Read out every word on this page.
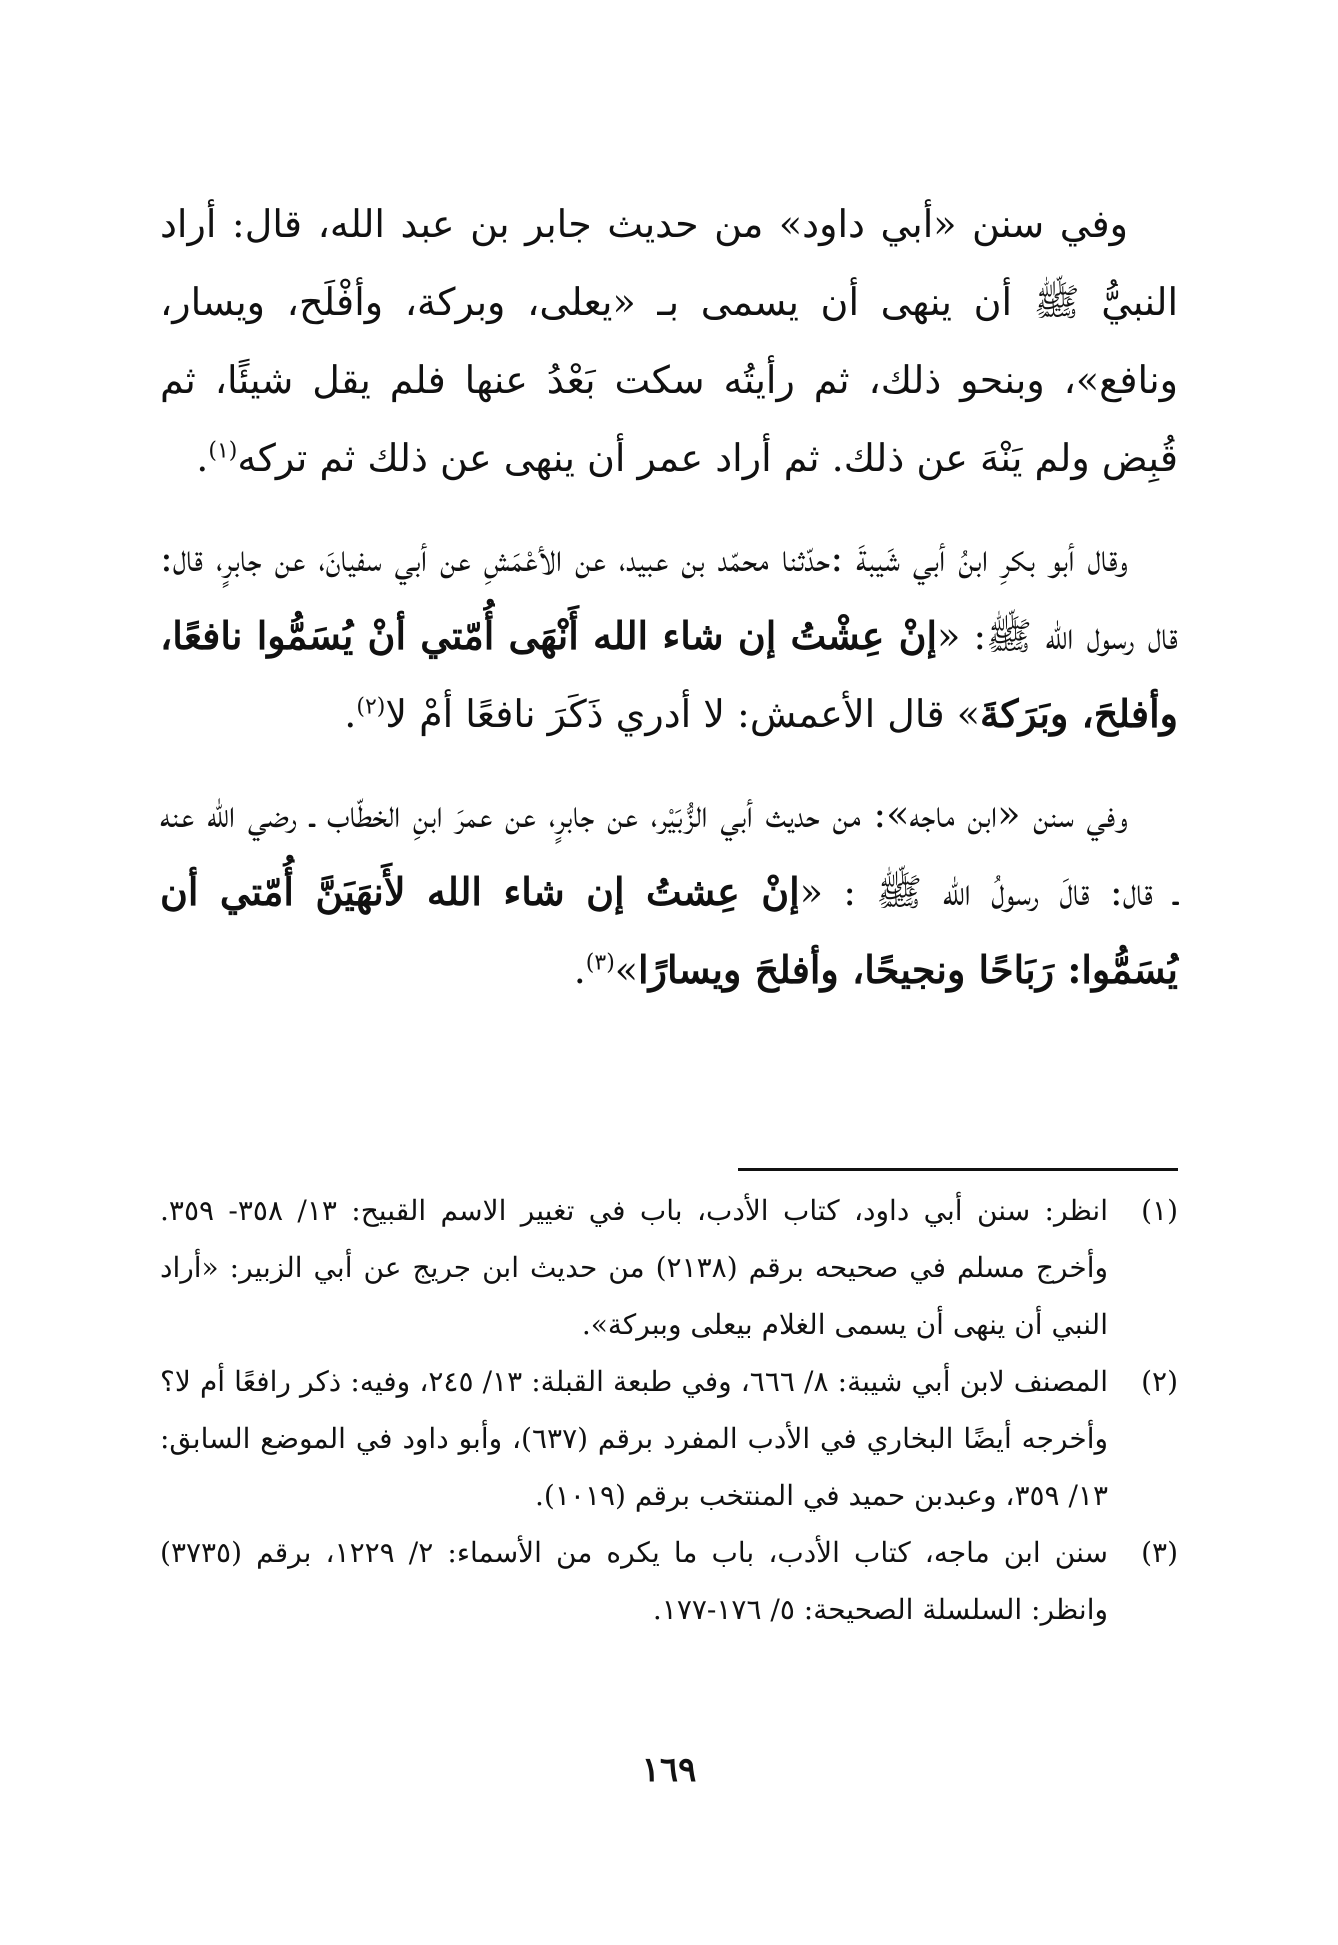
وفي سنن «أبي داود» من حديث جابر بن عبد الله، قال: أراد النبيُّ ﷺ أن ينهى أن يسمى بـ «يعلى، وبركة، وأفْلَح، ويسار، ونافع»، وبنحو ذلك، ثم رأيتُه سكت بَعْدُ عنها فلم يقل شيئًا، ثم قُبِض ولم يَنْهَ عن ذلك. ثم أراد عمر أن ينهى عن ذلك ثم تركه$^{(١)}$.

وقال أبو بكرِ ابنُ أبي شَيبةَ :حدّثنا محمّد بن عبيد، عن الأعْمَشِ عن أبي سفيانَ، عن جابرٍ، قال: قال رسول الله ﷺ: «إنْ عِشْتُ إن شاء الله أَنْهَى أُمّتي أنْ يُسَمُّوا نافعًا، وأفلحَ، وبَرَكةَ» قال الأعمش: لا أدري ذَكَرَ نافعًا أمْ لا$^{(٢)}$.

وفي سنن «ابن ماجه»: من حديث أبي الزُّبَيْر، عن جابرٍ، عن عمرَ ابنِ الخطّاب ـ رضي الله عنه ـ قال: قالَ رسولُ الله ﷺ : «إنْ عِشتُ إن شاء الله لأَنهَيَنَّ أُمّتي أن يُسَمُّوا: رَبَاحًا ونجيحًا، وأفلحَ ويسارًا»$^{(٣)}$.

(١)
انظر: سنن أبي داود، كتاب الأدب، باب في تغيير الاسم القبيح: ١٣/ ٣٥٨- ٣٥٩. وأخرج مسلم في صحيحه برقم (٢١٣٨) من حديث ابن جريج عن أبي الزبير: «أراد النبي أن ينهى أن يسمى الغلام بيعلى وببركة».
(٢)
المصنف لابن أبي شيبة: ٨/ ٦٦٦، وفي طبعة القبلة: ١٣/ ٢٤٥، وفيه: ذكر رافعًا أم لا؟ وأخرجه أيضًا البخاري في الأدب المفرد برقم (٦٣٧)، وأبو داود في الموضع السابق: ١٣/ ٣٥٩، وعبدبن حميد في المنتخب برقم (١٠١٩).
(٣)
سنن ابن ماجه، كتاب الأدب، باب ما يكره من الأسماء: ٢/ ١٢٢٩، برقم (٣٧٣٥) وانظر: السلسلة الصحيحة: ٥/ ١٧٦-١٧٧.
١٦٩
